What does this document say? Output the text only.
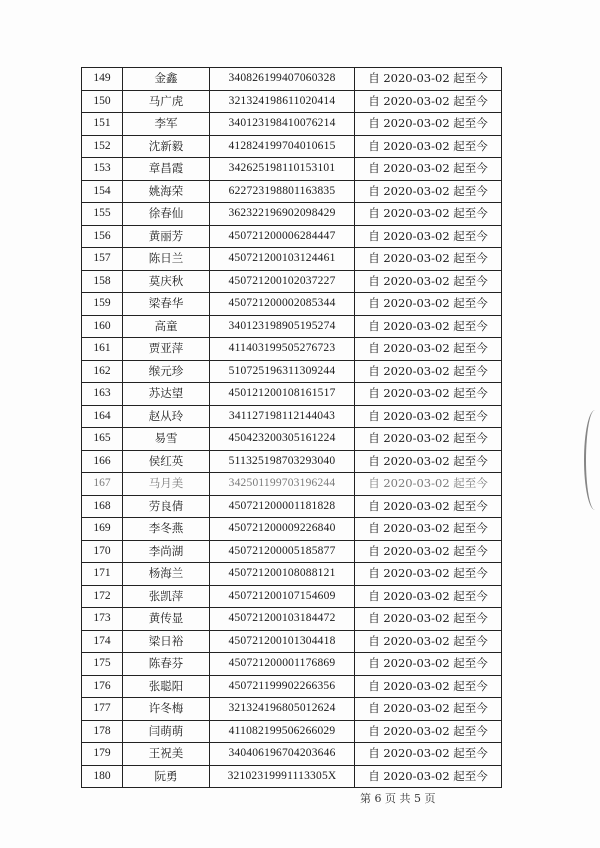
149	金鑫	340826199407060328	自 2020-03-02 起至今
150	马广虎	321324198611020414	自 2020-03-02 起至今
151	李军	340123198410076214	自 2020-03-02 起至今
152	沈新毅	412824199704010615	自 2020-03-02 起至今
153	章昌霞	342625198110153101	自 2020-03-02 起至今
154	姚海荣	622723198801163835	自 2020-03-02 起至今
155	徐春仙	362322196902098429	自 2020-03-02 起至今
156	黄丽芳	450721200006284447	自 2020-03-02 起至今
157	陈日兰	450721200103124461	自 2020-03-02 起至今
158	莫庆秋	450721200102037227	自 2020-03-02 起至今
159	梁春华	450721200002085344	自 2020-03-02 起至今
160	高童	340123198905195274	自 2020-03-02 起至今
161	贾亚萍	411403199505276723	自 2020-03-02 起至今
162	缑元珍	510725196311309244	自 2020-03-02 起至今
163	苏达望	450121200108161517	自 2020-03-02 起至今
164	赵从玲	341127198112144043	自 2020-03-02 起至今
165	易雪	450423200305161224	自 2020-03-02 起至今
166	侯红英	511325198703293040	自 2020-03-02 起至今
167	马月美	342501199703196244	自 2020-03-02 起至今
168	劳良倩	450721200001181828	自 2020-03-02 起至今
169	李冬燕	450721200009226840	自 2020-03-02 起至今
170	李尚湖	450721200005185877	自 2020-03-02 起至今
171	杨海兰	450721200108088121	自 2020-03-02 起至今
172	张凯萍	450721200107154609	自 2020-03-02 起至今
173	黄传显	450721200103184472	自 2020-03-02 起至今
174	梁日裕	450721200101304418	自 2020-03-02 起至今
175	陈春芬	450721200001176869	自 2020-03-02 起至今
176	张聪阳	450721199902266356	自 2020-03-02 起至今
177	许冬梅	321324196805012624	自 2020-03-02 起至今
178	闫萌萌	411082199506266029	自 2020-03-02 起至今
179	王祝美	340406196704203646	自 2020-03-02 起至今
180	阮勇	32102319991113305X	自 2020-03-02 起至今
第 6 页 共 5 页
